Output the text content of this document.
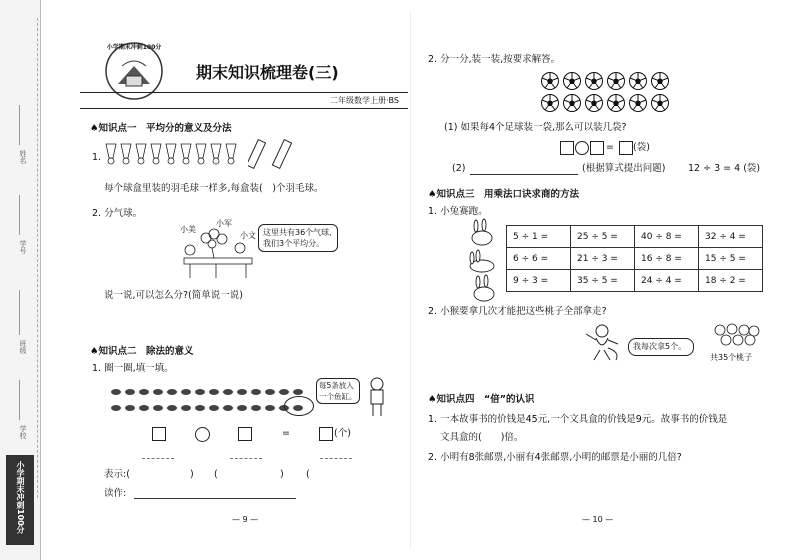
姓名
学号
班级
学校
小学期末冲刺100分
小学期末冲刺100分
期末知识梳理卷(三)
二年级数学上册·BS
♠知识点一　平均分的意义及分法
1.
每个球盒里装的羽毛球一样多,每盒装(　)个羽毛球。
2. 分气球。
小美
小军
小文 这里共有36个气球,我们3个平均分。
说一说,可以怎么分?(简单说一说)
♠知识点二　除法的意义
1. 圈一圈,填一填。
每5条放入一个鱼缸。
=	(个)
表示:(	) (	) (
读作:
— 9 —
2. 分一分,装一装,按要求解答。
(1) 如果每4个足球装一袋,那么可以装几袋?
= (袋)
(2)	(根据算式提出问题) 12 ÷ 3 = 4 (袋)
♠知识点三　用乘法口诀求商的方法
1. 小兔赛跑。
5 ÷ 1 =	25 ÷ 5 =	40 ÷ 8 =	32 ÷ 4 =
6 ÷ 6 =	21 ÷ 3 =	16 ÷ 8 =	15 ÷ 5 =
9 ÷ 3 =	35 ÷ 5 =	24 ÷ 4 =	18 ÷ 2 =
2. 小猴要拿几次才能把这些桃子全部拿走?
我每次拿5个。
共35个桃子
♠知识点四　“倍”的认识
1. 一本故事书的价钱是45元,一个文具盒的价钱是9元。故事书的价钱是
文具盒的(　　)倍。
2. 小明有8张邮票,小丽有4张邮票,小明的邮票是小丽的几倍?
— 10 —
